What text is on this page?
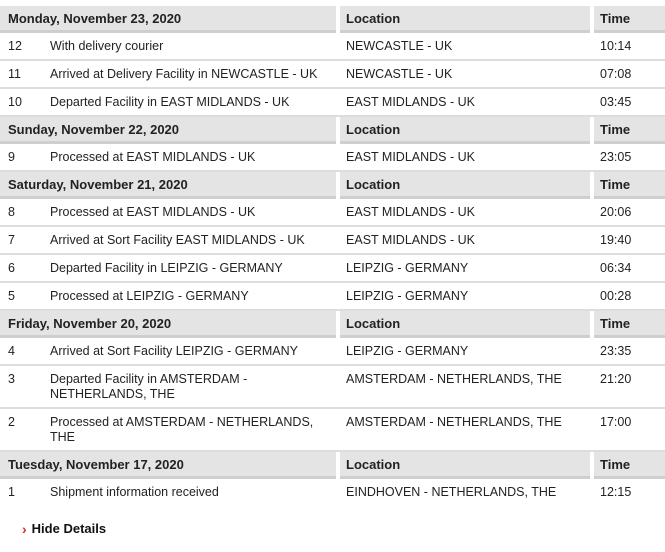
Monday, November 23, 2020			Location		Time
12	With delivery courier		NEWCASTLE - UK		10:14
11	Arrived at Delivery Facility in NEWCASTLE - UK		NEWCASTLE - UK		07:08
10	Departed Facility in EAST MIDLANDS - UK		EAST MIDLANDS - UK		03:45
Sunday, November 22, 2020			Location		Time
9	Processed at EAST MIDLANDS - UK		EAST MIDLANDS - UK		23:05
Saturday, November 21, 2020			Location		Time
8	Processed at EAST MIDLANDS - UK		EAST MIDLANDS - UK		20:06
7	Arrived at Sort Facility EAST MIDLANDS - UK		EAST MIDLANDS - UK		19:40
6	Departed Facility in LEIPZIG - GERMANY		LEIPZIG - GERMANY		06:34
5	Processed at LEIPZIG - GERMANY		LEIPZIG - GERMANY		00:28
Friday, November 20, 2020			Location		Time
4	Arrived at Sort Facility LEIPZIG - GERMANY		LEIPZIG - GERMANY		23:35
3	Departed Facility in AMSTERDAM - NETHERLANDS, THE		AMSTERDAM - NETHERLANDS, THE		21:20
2	Processed at AMSTERDAM - NETHERLANDS, THE		AMSTERDAM - NETHERLANDS, THE		17:00
Tuesday, November 17, 2020			Location		Time
1	Shipment information received		EINDHOVEN - NETHERLANDS, THE		12:15
› Hide Details
